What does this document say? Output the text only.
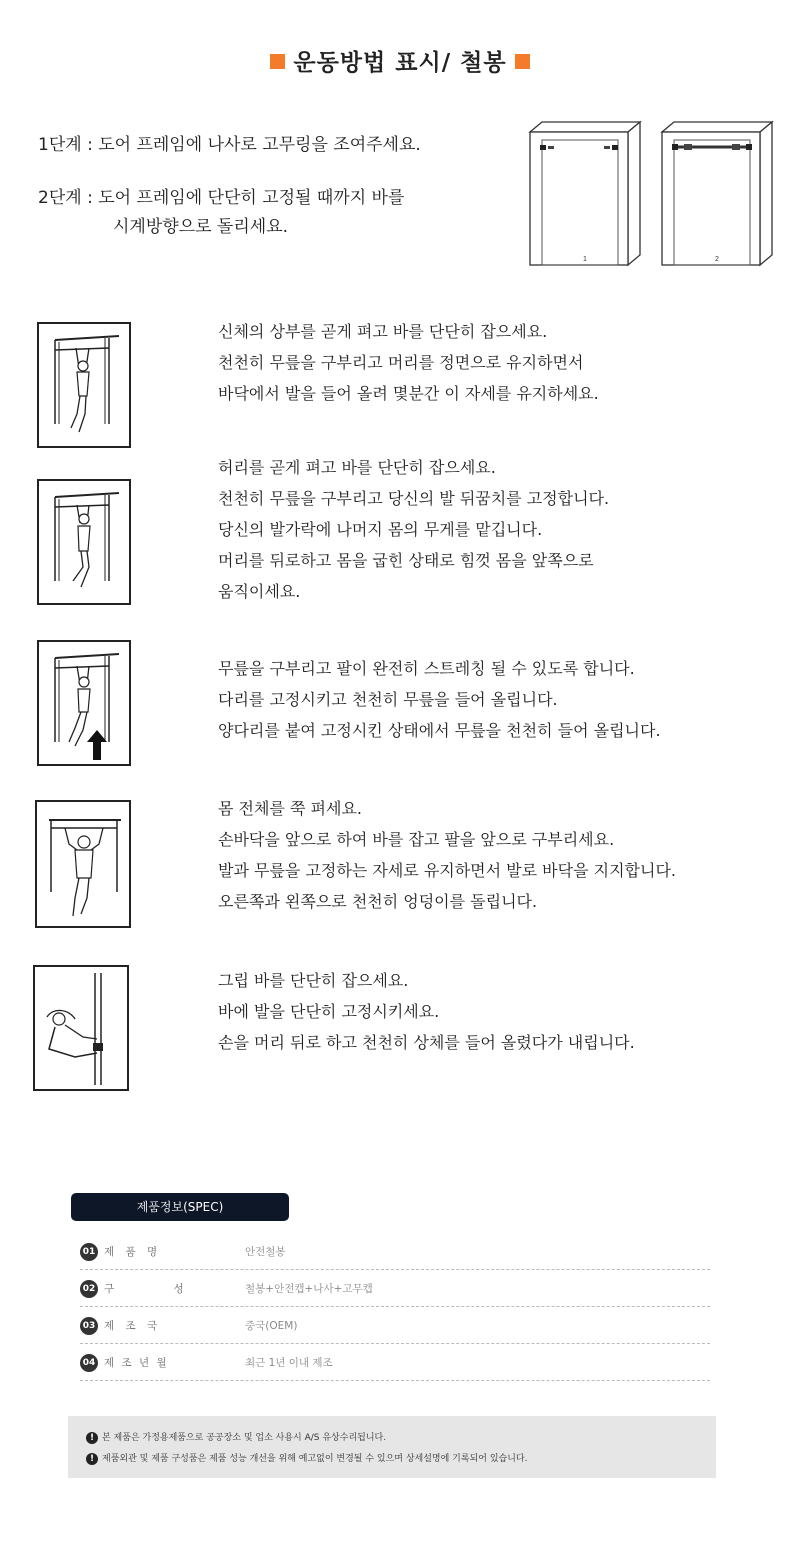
운동방법 표시/ 철봉
1단계 : 도어 프레임에 나사로 고무링을 조여주세요.
2단계 : 도어 프레임에 단단히 고정될 때까지 바를
시계방향으로 돌리세요.
1	2
신체의 상부를 곧게 펴고 바를 단단히 잡으세요.
천천히 무릎을 구부리고 머리를 정면으로 유지하면서
바닥에서 발을 들어 올려 몇분간 이 자세를 유지하세요.
허리를 곧게 펴고 바를 단단히 잡으세요.
천천히 무릎을 구부리고 당신의 발 뒤꿈치를 고정합니다.
당신의 발가락에 나머지 몸의 무게를 맡깁니다.
머리를 뒤로하고 몸을 굽힌 상태로 힘껏 몸을 앞쪽으로
움직이세요.
무릎을 구부리고 팔이 완전히 스트레칭 될 수 있도록 합니다.
다리를 고정시키고 천천히 무릎을 들어 올립니다.
양다리를 붙여 고정시킨 상태에서 무릎을 천천히 들어 올립니다.
몸 전체를 쭉 펴세요.
손바닥을 앞으로 하여 바를 잡고 팔을 앞으로 구부리세요.
발과 무릎을 고정하는 자세로 유지하면서 발로 바닥을 지지합니다.
오른쪽과 왼쪽으로 천천히 엉덩이를 돌립니다.
그립 바를 단단히 잡으세요.
바에 발을 단단히 고정시키세요.
손을 머리 뒤로 하고 천천히 상체를 들어 올렸다가 내립니다.
제품정보(SPEC)
01 제 품 명	안전철봉
02 구 성	철봉+안전캡+나사+고무캡
03 제 조 국	중국(OEM)
04 제 조 년 월	최근 1년 이내 제조
! 본 제품은 가정용제품으로 공공장소 및 업소 사용시 A/S 유상수리됩니다.
! 제품외관 및 제품 구성품은 제품 성능 개선을 위해 예고없이 변경될 수 있으며 상세설명에 기록되어 있습니다.
